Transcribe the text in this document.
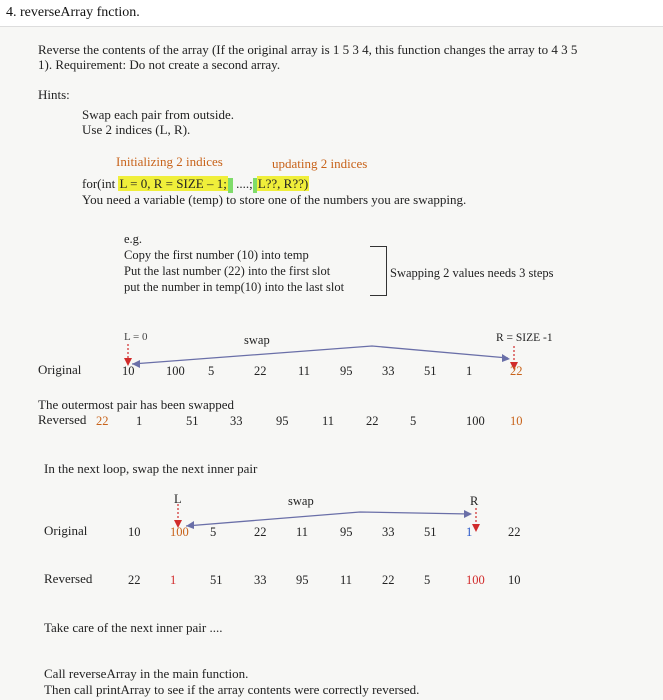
4. reverseArray fnction.
Reverse the contents of the array (If the original array is 1 5 3 4, this function changes the array to 4 3 5
1). Requirement: Do not create a second array.
Hints:
Swap each pair from outside.
Use 2 indices (L, R).
Initializing 2 indices	updating 2 indices
for(int L = 0, R = SIZE – 1; ....; L??, R??)
You need a variable (temp) to store one of the numbers you are swapping.
e.g.
Copy the first number (10) into temp
Put the last number (22) into the first slot
put the number in temp(10) into the last slot
Swapping 2 values needs 3 steps
L = 0	swap	R = SIZE -1
Original	10	100 5	22	11 95 33 51 1	22
The outermost pair has been swapped
Reversed 22 1	51	33	95	11	22	5	100 10
In the next loop, swap the next inner pair
L	swap	R
Original	10 100 5	22 11	95 33 51 1	22
Reversed	22 1	51	33 95	11 22 5	100 10
Take care of the next inner pair ....
Call reverseArray in the main function.
Then call printArray to see if the array contents were correctly reversed.
